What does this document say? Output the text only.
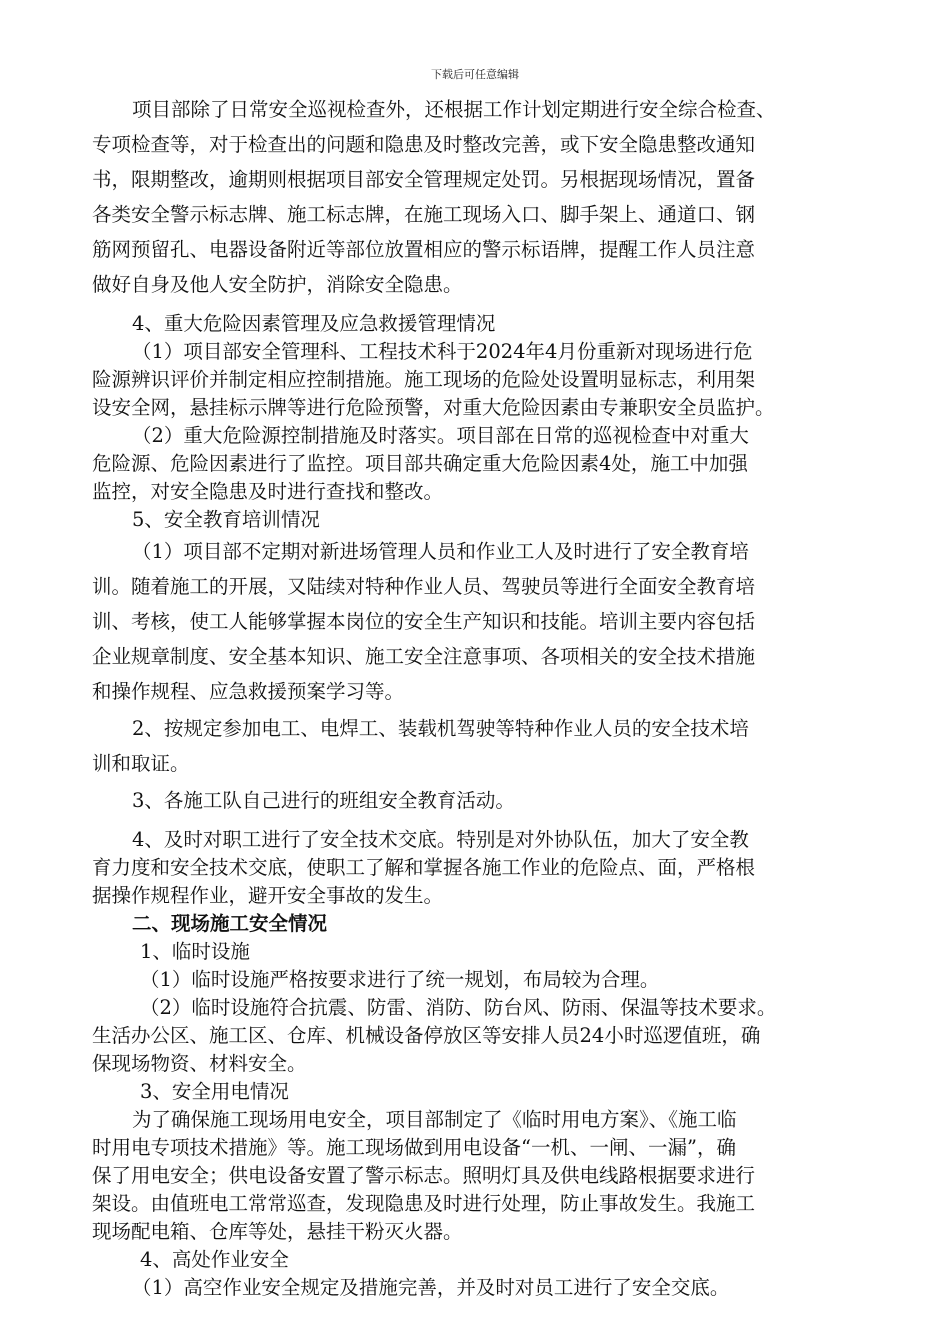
下载后可任意编辑
项目部除了日常安全巡视检查外，还根据工作计划定期进行安全综合检查、
专项检查等，对于检查出的问题和隐患及时整改完善，或下安全隐患整改通知
书，限期整改，逾期则根据项目部安全管理规定处罚。另根据现场情况，置备
各类安全警示标志牌、施工标志牌，在施工现场入口、脚手架上、通道口、钢
筋网预留孔、电器设备附近等部位放置相应的警示标语牌，提醒工作人员注意
做好自身及他人安全防护，消除安全隐患。
4、重大危险因素管理及应急救援管理情况
（1）项目部安全管理科、工程技术科于2024年4月份重新对现场进行危
险源辨识评价并制定相应控制措施。施工现场的危险处设置明显标志，利用架
设安全网，悬挂标示牌等进行危险预警，对重大危险因素由专兼职安全员监护。
（2）重大危险源控制措施及时落实。项目部在日常的巡视检查中对重大
危险源、危险因素进行了监控。项目部共确定重大危险因素4处，施工中加强
监控，对安全隐患及时进行查找和整改。
5、安全教育培训情况
（1）项目部不定期对新进场管理人员和作业工人及时进行了安全教育培
训。随着施工的开展，又陆续对特种作业人员、驾驶员等进行全面安全教育培
训、考核，使工人能够掌握本岗位的安全生产知识和技能。培训主要内容包括
企业规章制度、安全基本知识、施工安全注意事项、各项相关的安全技术措施
和操作规程、应急救援预案学习等。
2、按规定参加电工、电焊工、装载机驾驶等特种作业人员的安全技术培
训和取证。
3、各施工队自己进行的班组安全教育活动。
4、及时对职工进行了安全技术交底。特别是对外协队伍，加大了安全教
育力度和安全技术交底，使职工了解和掌握各施工作业的危险点、面，严格根
据操作规程作业，避开安全事故的发生。
二、现场施工安全情况
1、临时设施
（1）临时设施严格按要求进行了统一规划，布局较为合理。
（2）临时设施符合抗震、防雷、消防、防台风、防雨、保温等技术要求。
生活办公区、施工区、仓库、机械设备停放区等安排人员24小时巡逻值班，确
保现场物资、材料安全。
3、安全用电情况
为了确保施工现场用电安全，项目部制定了《临时用电方案》、《施工临
时用电专项技术措施》等。施工现场做到用电设备“一机、一闸、一漏”，确
保了用电安全；供电设备安置了警示标志。照明灯具及供电线路根据要求进行
架设。由值班电工常常巡查，发现隐患及时进行处理，防止事故发生。我施工
现场配电箱、仓库等处，悬挂干粉灭火器。
4、高处作业安全
（1）高空作业安全规定及措施完善，并及时对员工进行了安全交底。
